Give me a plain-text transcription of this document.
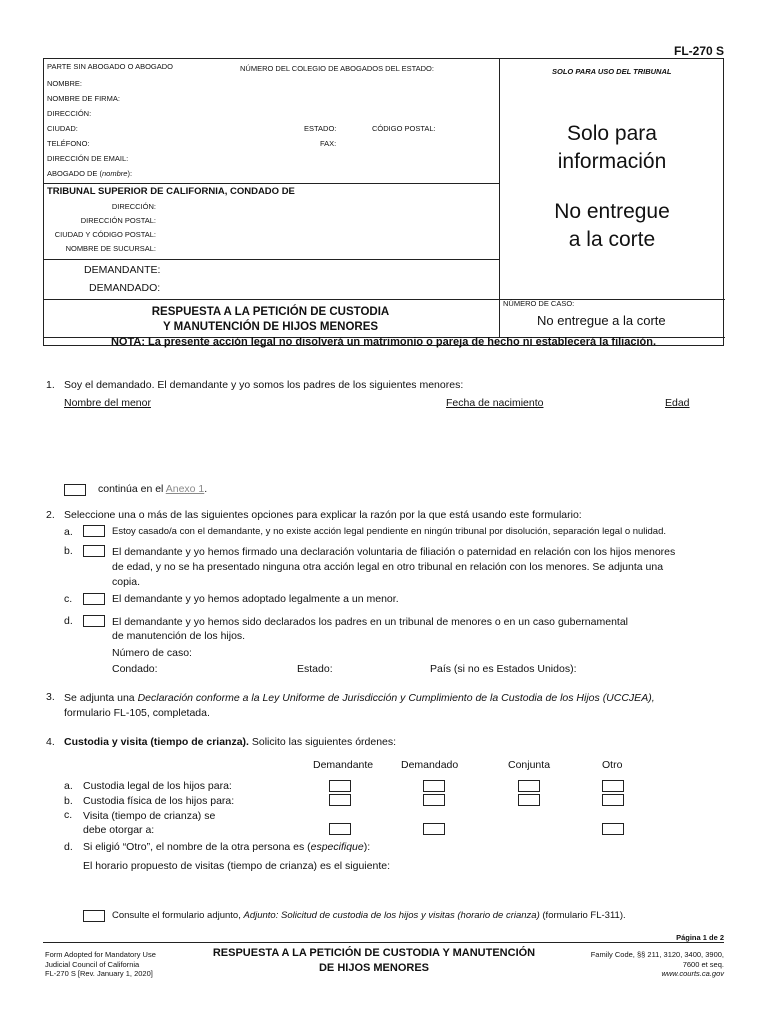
FL-270 S
PARTE SIN ABOGADO O ABOGADO	NÚMERO DEL COLEGIO DE ABOGADOS DEL ESTADO:	SOLO PARA USO DEL TRIBUNAL
NOMBRE:
NOMBRE DE FIRMA:
DIRECCIÓN:
CIUDAD:	ESTADO:	CÓDIGO POSTAL:
TELÉFONO:	FAX:
DIRECCIÓN DE EMAIL:
ABOGADO DE (nombre):
TRIBUNAL SUPERIOR DE CALIFORNIA, CONDADO DE
DIRECCIÓN:
DIRECCIÓN POSTAL:
CIUDAD Y CÓDIGO POSTAL:
NOMBRE DE SUCURSAL:
DEMANDANTE:
DEMANDADO:
Solo para
información
No entregue
a la corte
RESPUESTA A LA PETICIÓN DE CUSTODIA
Y MANUTENCIÓN DE HIJOS MENORES
NÚMERO DE CASO:
No entregue a la corte
NOTA: La presente acción legal no disolverá un matrimonio o pareja de hecho ni establecerá la filiación.
1. Soy el demandado. El demandante y yo somos los padres de los siguientes menores:
Nombre del menor	Fecha de nacimiento	Edad
continúa en el Anexo 1.
2. Seleccione una o más de las siguientes opciones para explicar la razón por la que está usando este formulario:
a.	Estoy casado/a con el demandante, y no existe acción legal pendiente en ningún tribunal por disolución, separación legal o nulidad.
b.	El demandante y yo hemos firmado una declaración voluntaria de filiación o paternidad en relación con los hijos menores
de edad, y no se ha presentado ninguna otra acción legal en otro tribunal en relación con los menores. Se adjunta una
copia.
c.	El demandante y yo hemos adoptado legalmente a un menor.
d.	El demandante y yo hemos sido declarados los padres en un tribunal de menores o en un caso gubernamental
de manutención de los hijos.
Número de caso:
Condado:	Estado:	País (si no es Estados Unidos):
3. Se adjunta una Declaración conforme a la Ley Uniforme de Jurisdicción y Cumplimiento de la Custodia de los Hijos (UCCJEA),
formulario FL-105, completada.
4. Custodia y visita (tiempo de crianza). Solicito las siguientes órdenes:
Demandante	Demandado	Conjunta	Otro
a. Custodia legal de los hijos para:
b. Custodia física de los hijos para:
c. Visita (tiempo de crianza) se
debe otorgar a:
d. Si eligió “Otro”, el nombre de la otra persona es (especifique):
El horario propuesto de visitas (tiempo de crianza) es el siguiente:
Consulte el formulario adjunto, Adjunto: Solicitud de custodia de los hijos y visitas (horario de crianza) (formulario FL-311).
Página 1 de 2
Form Adopted for Mandatory Use
Judicial Council of California
FL-270 S [Rev. January 1, 2020]
RESPUESTA A LA PETICIÓN DE CUSTODIA Y MANUTENCIÓN
DE HIJOS MENORES
Family Code, §§ 211, 3120, 3400, 3900,
7600 et seq.
www.courts.ca.gov
